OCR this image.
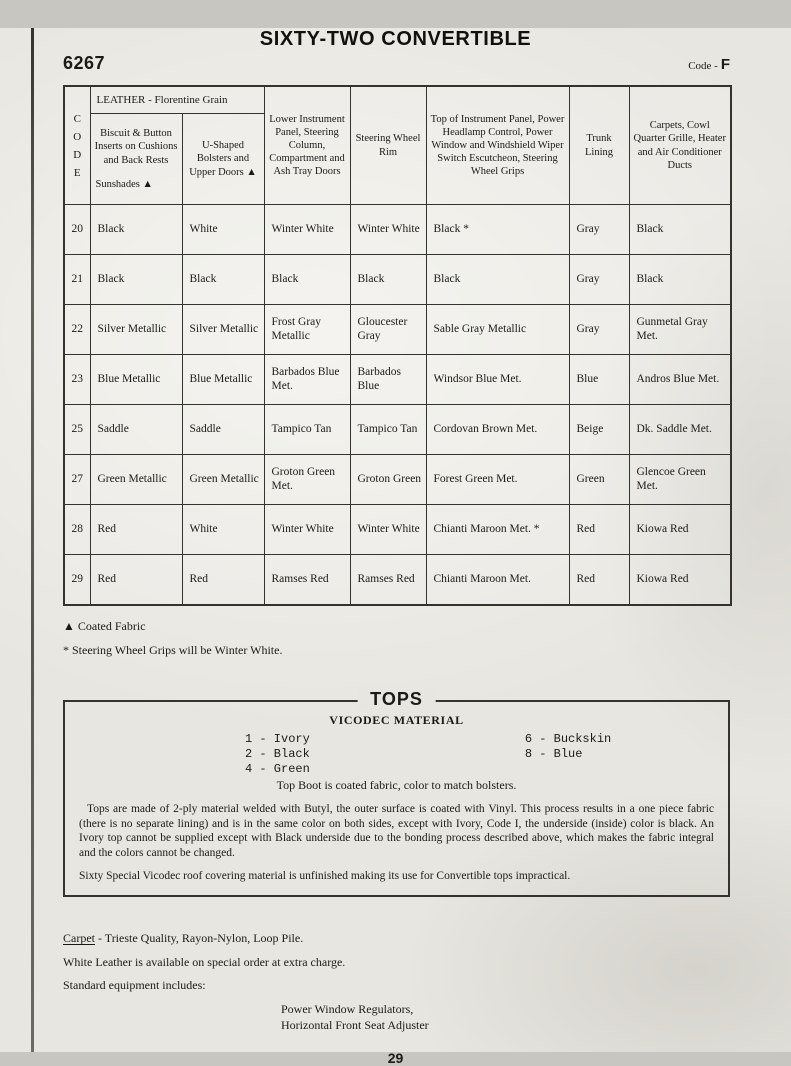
SIXTY-TWO CONVERTIBLE
6267	Code - F
C
O
D
E	LEATHER - Florentine Grain		Lower Instrument Panel, Steering Column, Compartment and Ash Tray Doors	Steering Wheel Rim	Top of Instrument Panel, Power Headlamp Control, Power Window and Windshield Wiper Switch Escutcheon, Steering Wheel Grips	Trunk Lining	Carpets, Cowl Quarter Grille, Heater and Air Conditioner Ducts

	Biscuit & Button Inserts on Cushions and Back Rests
Sunshades ▲	U-Shaped Bolsters and Upper Doors ▲					
20	Black	White	Winter White	Winter White	Black *	Gray	Black
21	Black	Black	Black	Black	Black	Gray	Black
22	Silver Metallic	Silver Metallic	Frost Gray Metallic	Gloucester Gray	Sable Gray Metallic	Gray	Gunmetal Gray Met.
23	Blue Metallic	Blue Metallic	Barbados Blue Met.	Barbados Blue	Windsor Blue Met.	Blue	Andros Blue Met.
25	Saddle	Saddle	Tampico Tan	Tampico Tan	Cordovan Brown Met.	Beige	Dk. Saddle Met.
27	Green Metallic	Green Metallic	Groton Green Met.	Groton Green	Forest Green Met.	Green	Glencoe Green Met.
28	Red	White	Winter White	Winter White	Chianti Maroon Met. *	Red	Kiowa Red
29	Red	Red	Ramses Red	Ramses Red	Chianti Maroon Met.	Red	Kiowa Red
▲ Coated Fabric
* Steering Wheel Grips will be Winter White.
TOPS
VICODEC MATERIAL
1 - Ivory
2 - Black
4 - Green
6 - Buckskin
8 - Blue
Top Boot is coated fabric, color to match bolsters.

Tops are made of 2-ply material welded with Butyl, the outer surface is coated with Vinyl. This process results in a one piece fabric (there is no separate lining) and is in the same color on both sides, except with Ivory, Code I, the underside (inside) color is black. An Ivory top cannot be supplied except with Black underside due to the bonding process described above, which makes the fabric integral and the colors cannot be changed.

Sixty Special Vicodec roof covering material is unfinished making its use for Convertible tops impractical.

Carpet - Trieste Quality, Rayon-Nylon, Loop Pile.
White Leather is available on special order at extra charge.
Standard equipment includes:
Power Window Regulators,
Horizontal Front Seat Adjuster
29
